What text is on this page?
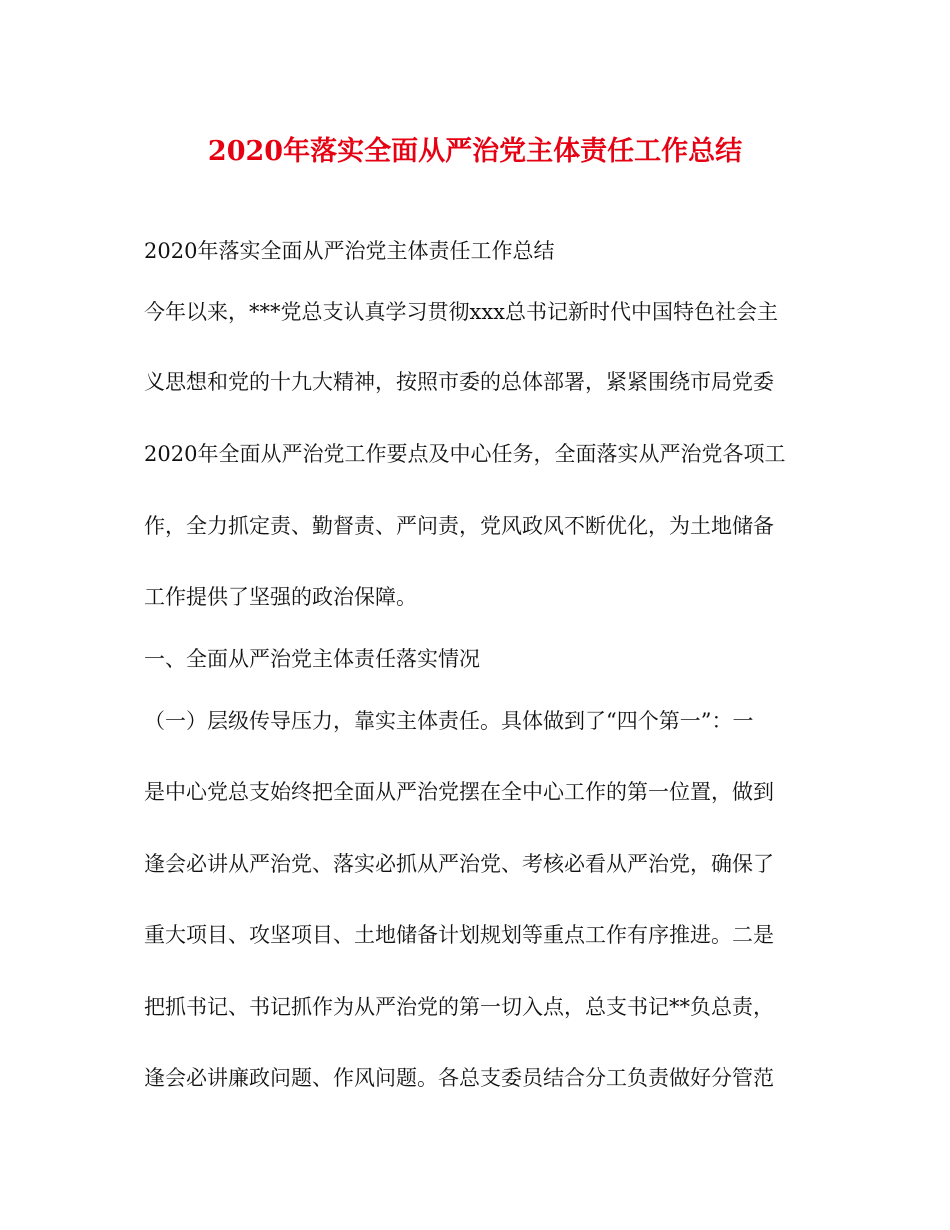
2020年落实全面从严治党主体责任工作总结
2020年落实全面从严治党主体责任工作总结
今年以来，***党总支认真学习贯彻xxx总书记新时代中国特色社会主
义思想和党的十九大精神，按照市委的总体部署，紧紧围绕市局党委
2020年全面从严治党工作要点及中心任务，全面落实从严治党各项工
作，全力抓定责、勤督责、严问责，党风政风不断优化，为土地储备
工作提供了坚强的政治保障。
一、全面从严治党主体责任落实情况
（一）层级传导压力，靠实主体责任。具体做到了“四个第一”：一
是中心党总支始终把全面从严治党摆在全中心工作的第一位置，做到
逢会必讲从严治党、落实必抓从严治党、考核必看从严治党，确保了
重大项目、攻坚项目、土地储备计划规划等重点工作有序推进。二是
把抓书记、书记抓作为从严治党的第一切入点，总支书记**负总责，
逢会必讲廉政问题、作风问题。各总支委员结合分工负责做好分管范
